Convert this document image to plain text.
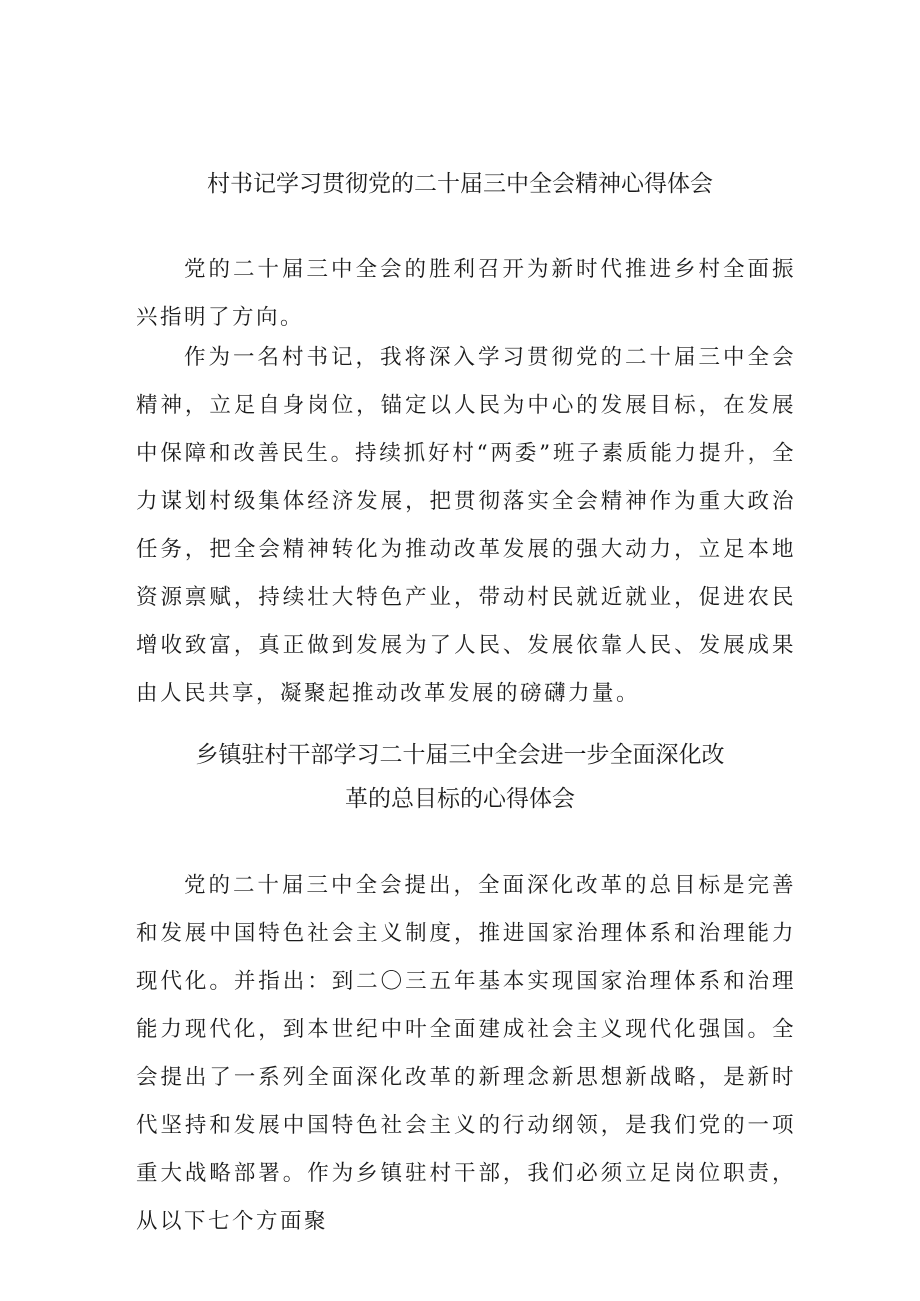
村书记学习贯彻党的二十届三中全会精神心得体会

党的二十届三中全会的胜利召开为新时代推进乡村全面振兴指明了方向。

作为一名村书记，我将深入学习贯彻党的二十届三中全会精神，立足自身岗位，锚定以人民为中心的发展目标，在发展中保障和改善民生。持续抓好村“两委”班子素质能力提升，全力谋划村级集体经济发展，把贯彻落实全会精神作为重大政治任务，把全会精神转化为推动改革发展的强大动力，立足本地资源禀赋，持续壮大特色产业，带动村民就近就业，促进农民增收致富，真正做到发展为了人民、发展依靠人民、发展成果由人民共享，凝聚起推动改革发展的磅礴力量。

乡镇驻村干部学习二十届三中全会进一步全面深化改
革的总目标的心得体会

党的二十届三中全会提出，全面深化改革的总目标是完善和发展中国特色社会主义制度，推进国家治理体系和治理能力现代化。并指出：到二〇三五年基本实现国家治理体系和治理能力现代化，到本世纪中叶全面建成社会主义现代化强国。全会提出了一系列全面深化改革的新理念新思想新战略，是新时代坚持和发展中国特色社会主义的行动纲领，是我们党的一项重大战略部署。作为乡镇驻村干部，我们必须立足岗位职责，从以下七个方面聚
